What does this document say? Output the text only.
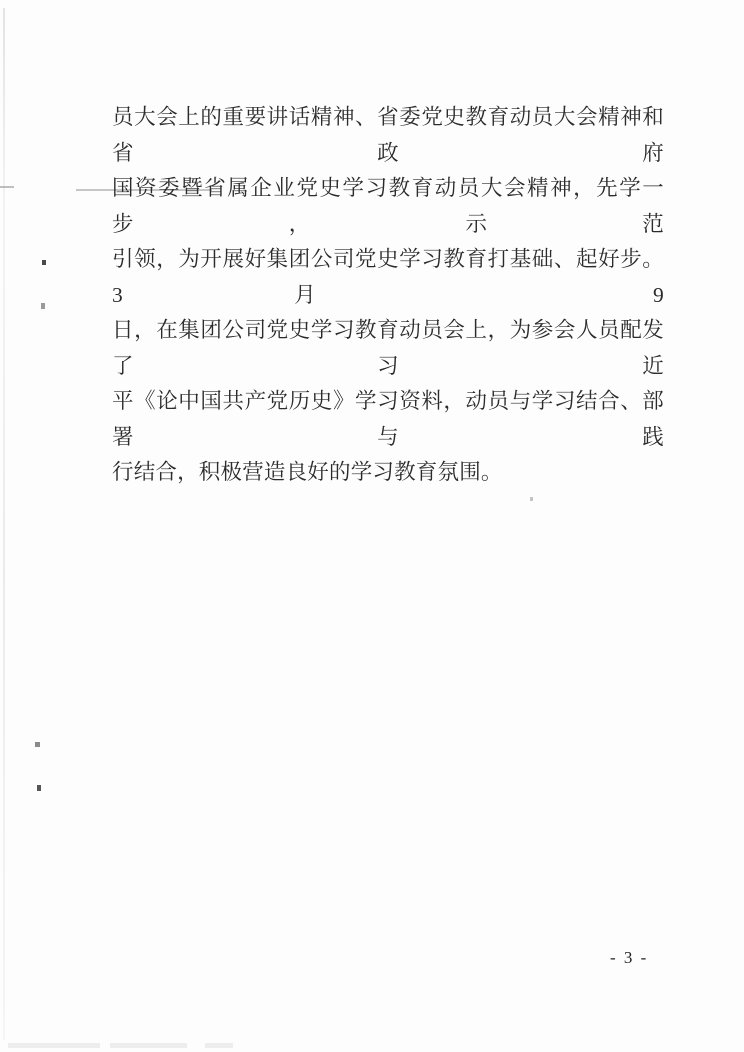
员大会上的重要讲话精神、省委党史教育动员大会精神和省政府
国资委暨省属企业党史学习教育动员大会精神，先学一步，示范
引领，为开展好集团公司党史学习教育打基础、起好步。3 月 9
日，在集团公司党史学习教育动员会上，为参会人员配发了习近
平《论中国共产党历史》学习资料，动员与学习结合、部署与践
行结合，积极营造良好的学习教育氛围。
- 3 -
